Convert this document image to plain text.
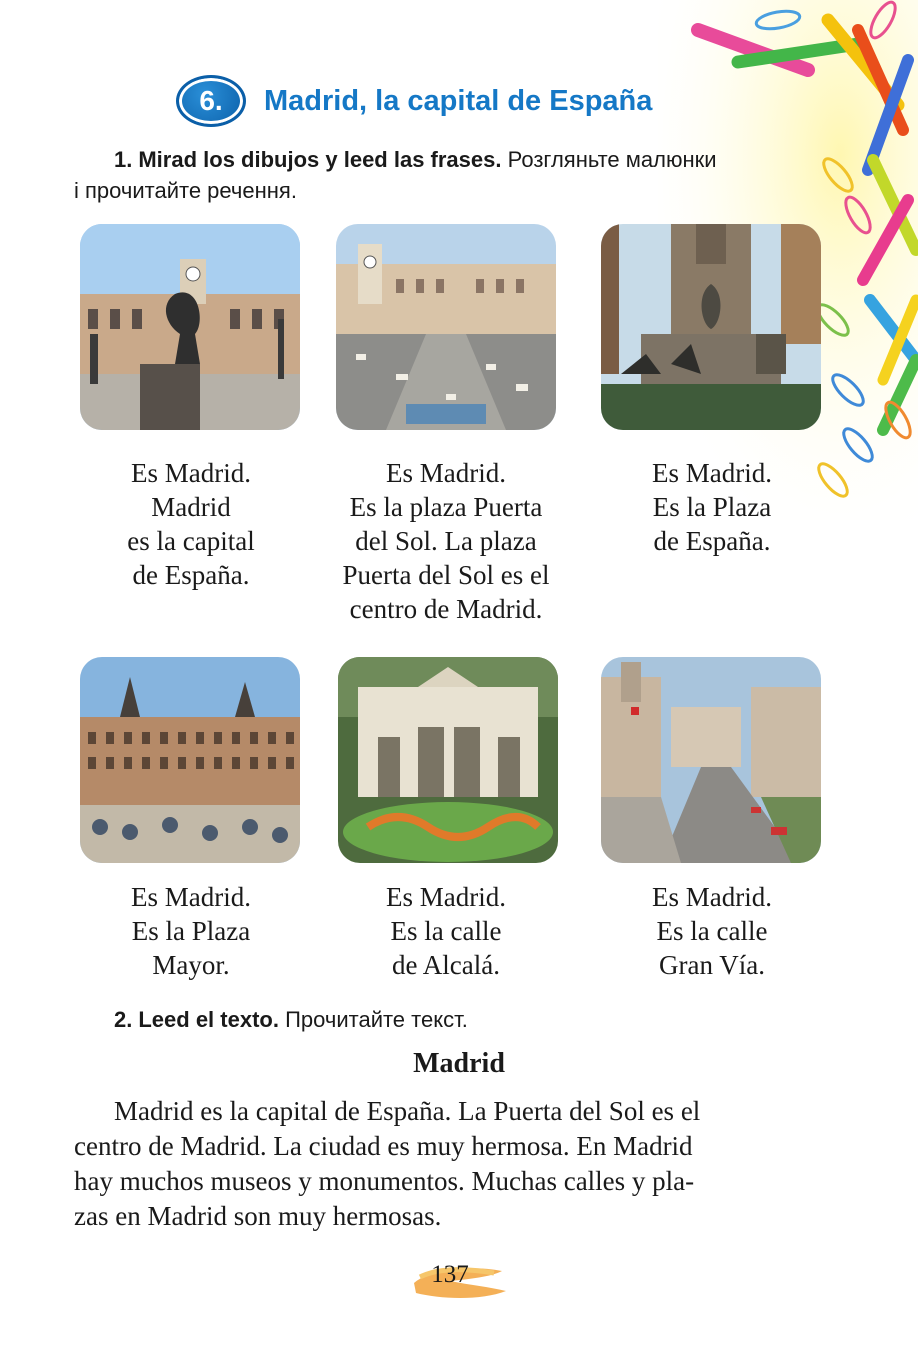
6.	Madrid, la capital de España
1. Mirad los dibujos y leed las frases. Розгляньте малюнки
і прочитайте речення.
Es Madrid.
Madrid
es la capital
de España.
Es Madrid.
Es la plaza Puerta
del Sol. La plaza
Puerta del Sol es el
centro de Madrid.
Es Madrid.
Es la Plaza
de España.
Es Madrid.
Es la Plaza
Mayor.
Es Madrid.
Es la calle
de Alcalá.
Es Madrid.
Es la calle
Gran Vía.
2. Leed el texto. Прочитайте текст.
Madrid

Madrid es la capital de España. La Puerta del Sol es el
centro de Madrid. La ciudad es muy hermosa. En Madrid
hay muchos museos y monumentos. Muchas calles y pla-
zas en Madrid son muy hermosas.

137
